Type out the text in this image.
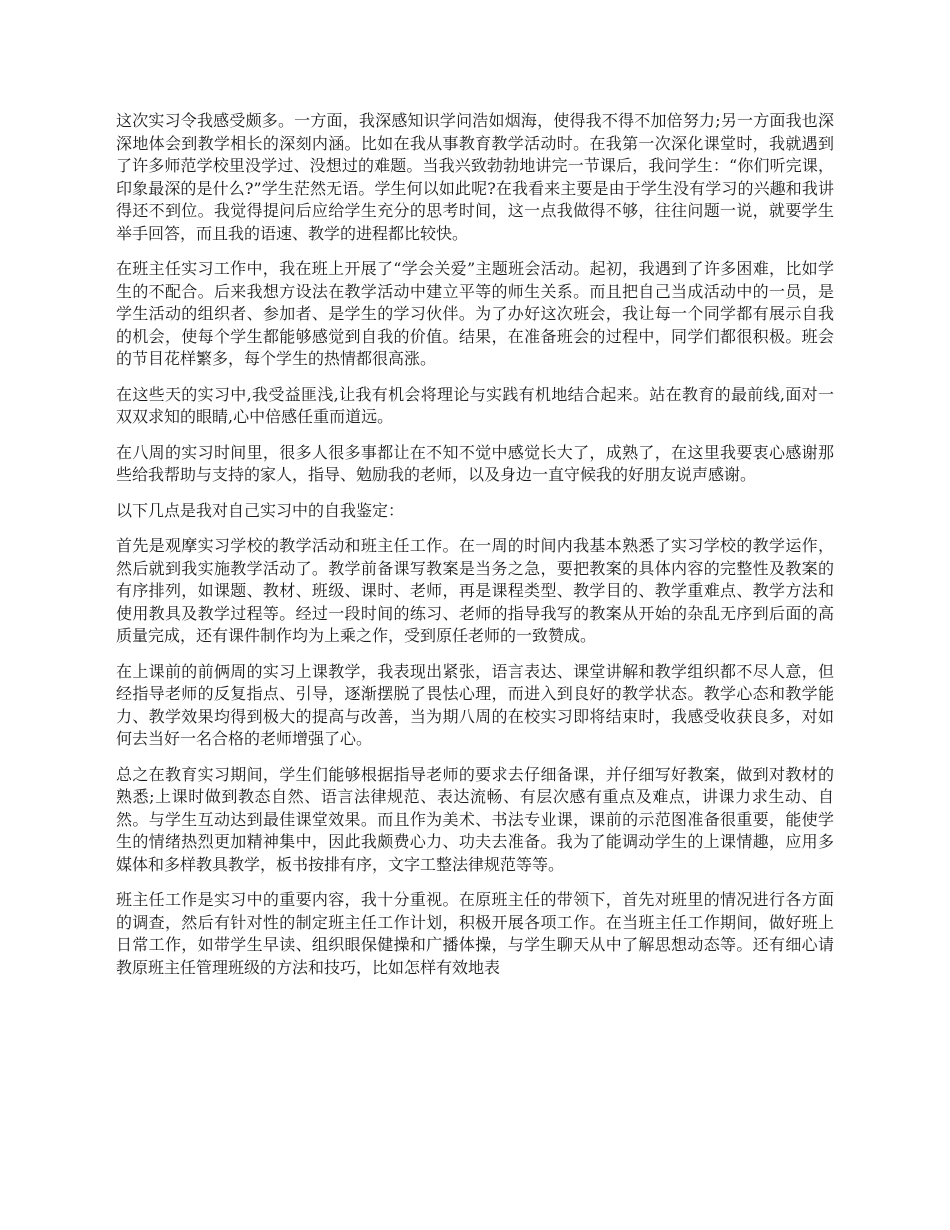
这次实习令我感受颇多。一方面，我深感知识学问浩如烟海，使得我不得不加倍努力;另一方面我也深深地体会到教学相长的深刻内涵。比如在我从事教育教学活动时。在我第一次深化课堂时，我就遇到了许多师范学校里没学过、没想过的难题。当我兴致勃勃地讲完一节课后，我问学生：“你们听完课，印象最深的是什么?”学生茫然无语。学生何以如此呢?在我看来主要是由于学生没有学习的兴趣和我讲得还不到位。我觉得提问后应给学生充分的思考时间，这一点我做得不够，往往问题一说，就要学生举手回答，而且我的语速、教学的进程都比较快。

在班主任实习工作中，我在班上开展了“学会关爱”主题班会活动。起初，我遇到了许多困难，比如学生的不配合。后来我想方设法在教学活动中建立平等的师生关系。而且把自己当成活动中的一员，是学生活动的组织者、参加者、是学生的学习伙伴。为了办好这次班会，我让每一个同学都有展示自我的机会，使每个学生都能够感觉到自我的价值。结果，在准备班会的过程中，同学们都很积极。班会的节目花样繁多，每个学生的热情都很高涨。

在这些天的实习中,我受益匪浅,让我有机会将理论与实践有机地结合起来。站在教育的最前线,面对一双双求知的眼睛,心中倍感任重而道远。

在八周的实习时间里，很多人很多事都让在不知不觉中感觉长大了，成熟了，在这里我要衷心感谢那些给我帮助与支持的家人，指导、勉励我的老师，以及身边一直守候我的好朋友说声感谢。

以下几点是我对自己实习中的自我鉴定：

首先是观摩实习学校的教学活动和班主任工作。在一周的时间内我基本熟悉了实习学校的教学运作，然后就到我实施教学活动了。教学前备课写教案是当务之急，要把教案的具体内容的完整性及教案的有序排列，如课题、教材、班级、课时、老师，再是课程类型、教学目的、教学重难点、教学方法和使用教具及教学过程等。经过一段时间的练习、老师的指导我写的教案从开始的杂乱无序到后面的高质量完成，还有课件制作均为上乘之作，受到原任老师的一致赞成。

在上课前的前俩周的实习上课教学，我表现出紧张，语言表达、课堂讲解和教学组织都不尽人意，但经指导老师的反复指点、引导，逐渐摆脱了畏怯心理，而进入到良好的教学状态。教学心态和教学能力、教学效果均得到极大的提高与改善，当为期八周的在校实习即将结束时，我感受收获良多，对如何去当好一名合格的老师增强了心。

总之在教育实习期间，学生们能够根据指导老师的要求去仔细备课，并仔细写好教案，做到对教材的熟悉;上课时做到教态自然、语言法律规范、表达流畅、有层次感有重点及难点，讲课力求生动、自然。与学生互动达到最佳课堂效果。而且作为美术、书法专业课，课前的示范图准备很重要，能使学生的情绪热烈更加精神集中，因此我颇费心力、功夫去准备。我为了能调动学生的上课情趣，应用多媒体和多样教具教学，板书按排有序，文字工整法律规范等等。

班主任工作是实习中的重要内容，我十分重视。在原班主任的带领下，首先对班里的情况进行各方面的调查，然后有针对性的制定班主任工作计划，积极开展各项工作。在当班主任工作期间，做好班上日常工作，如带学生早读、组织眼保健操和广播体操，与学生聊天从中了解思想动态等。还有细心请教原班主任管理班级的方法和技巧，比如怎样有效地表
